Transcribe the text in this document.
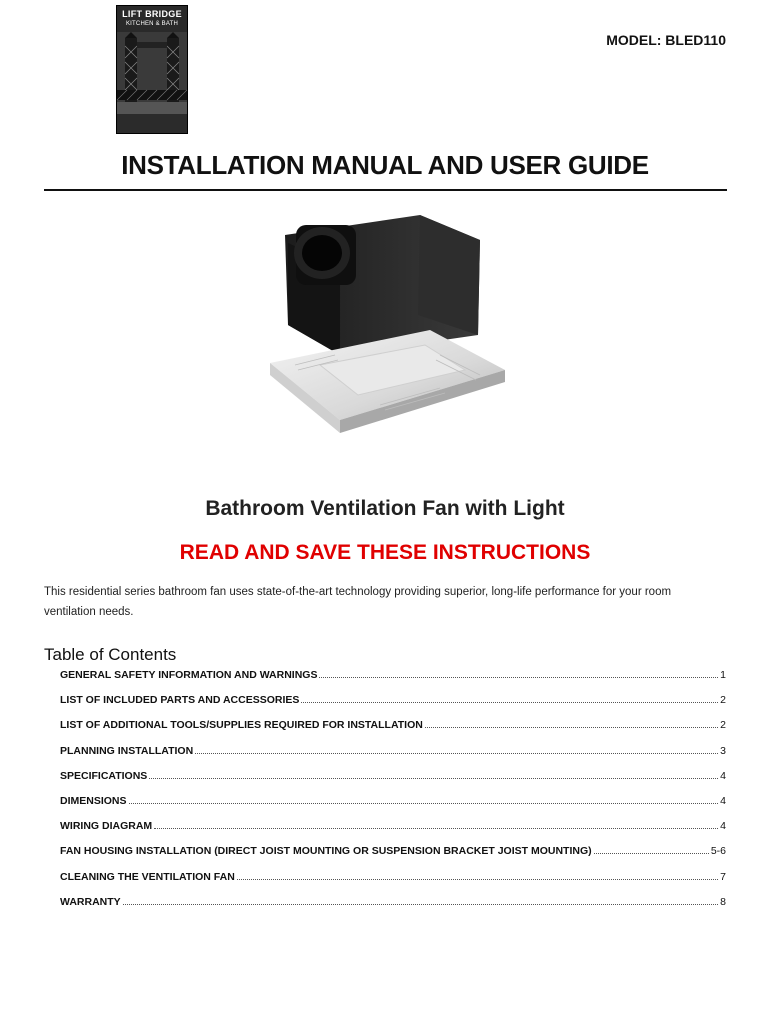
LIFT BRIDGE
KITCHEN & BATH
MODEL: BLED110
INSTALLATION MANUAL AND USER GUIDE
Bathroom Ventilation Fan with Light
READ AND SAVE THESE INSTRUCTIONS

This residential series bathroom fan uses state-of-the-art technology providing superior, long-life performance for your room ventilation needs.

Table of Contents
GENERAL SAFETY INFORMATION AND WARNINGS	1
LIST OF INCLUDED PARTS AND ACCESSORIES	2
LIST OF ADDITIONAL TOOLS/SUPPLIES REQUIRED FOR INSTALLATION	2
PLANNING INSTALLATION	3
SPECIFICATIONS	4
DIMENSIONS	4
WIRING DIAGRAM	4
FAN HOUSING INSTALLATION (DIRECT JOIST MOUNTING OR SUSPENSION BRACKET JOIST MOUNTING)	5-6
CLEANING THE VENTILATION FAN	7
WARRANTY	8
